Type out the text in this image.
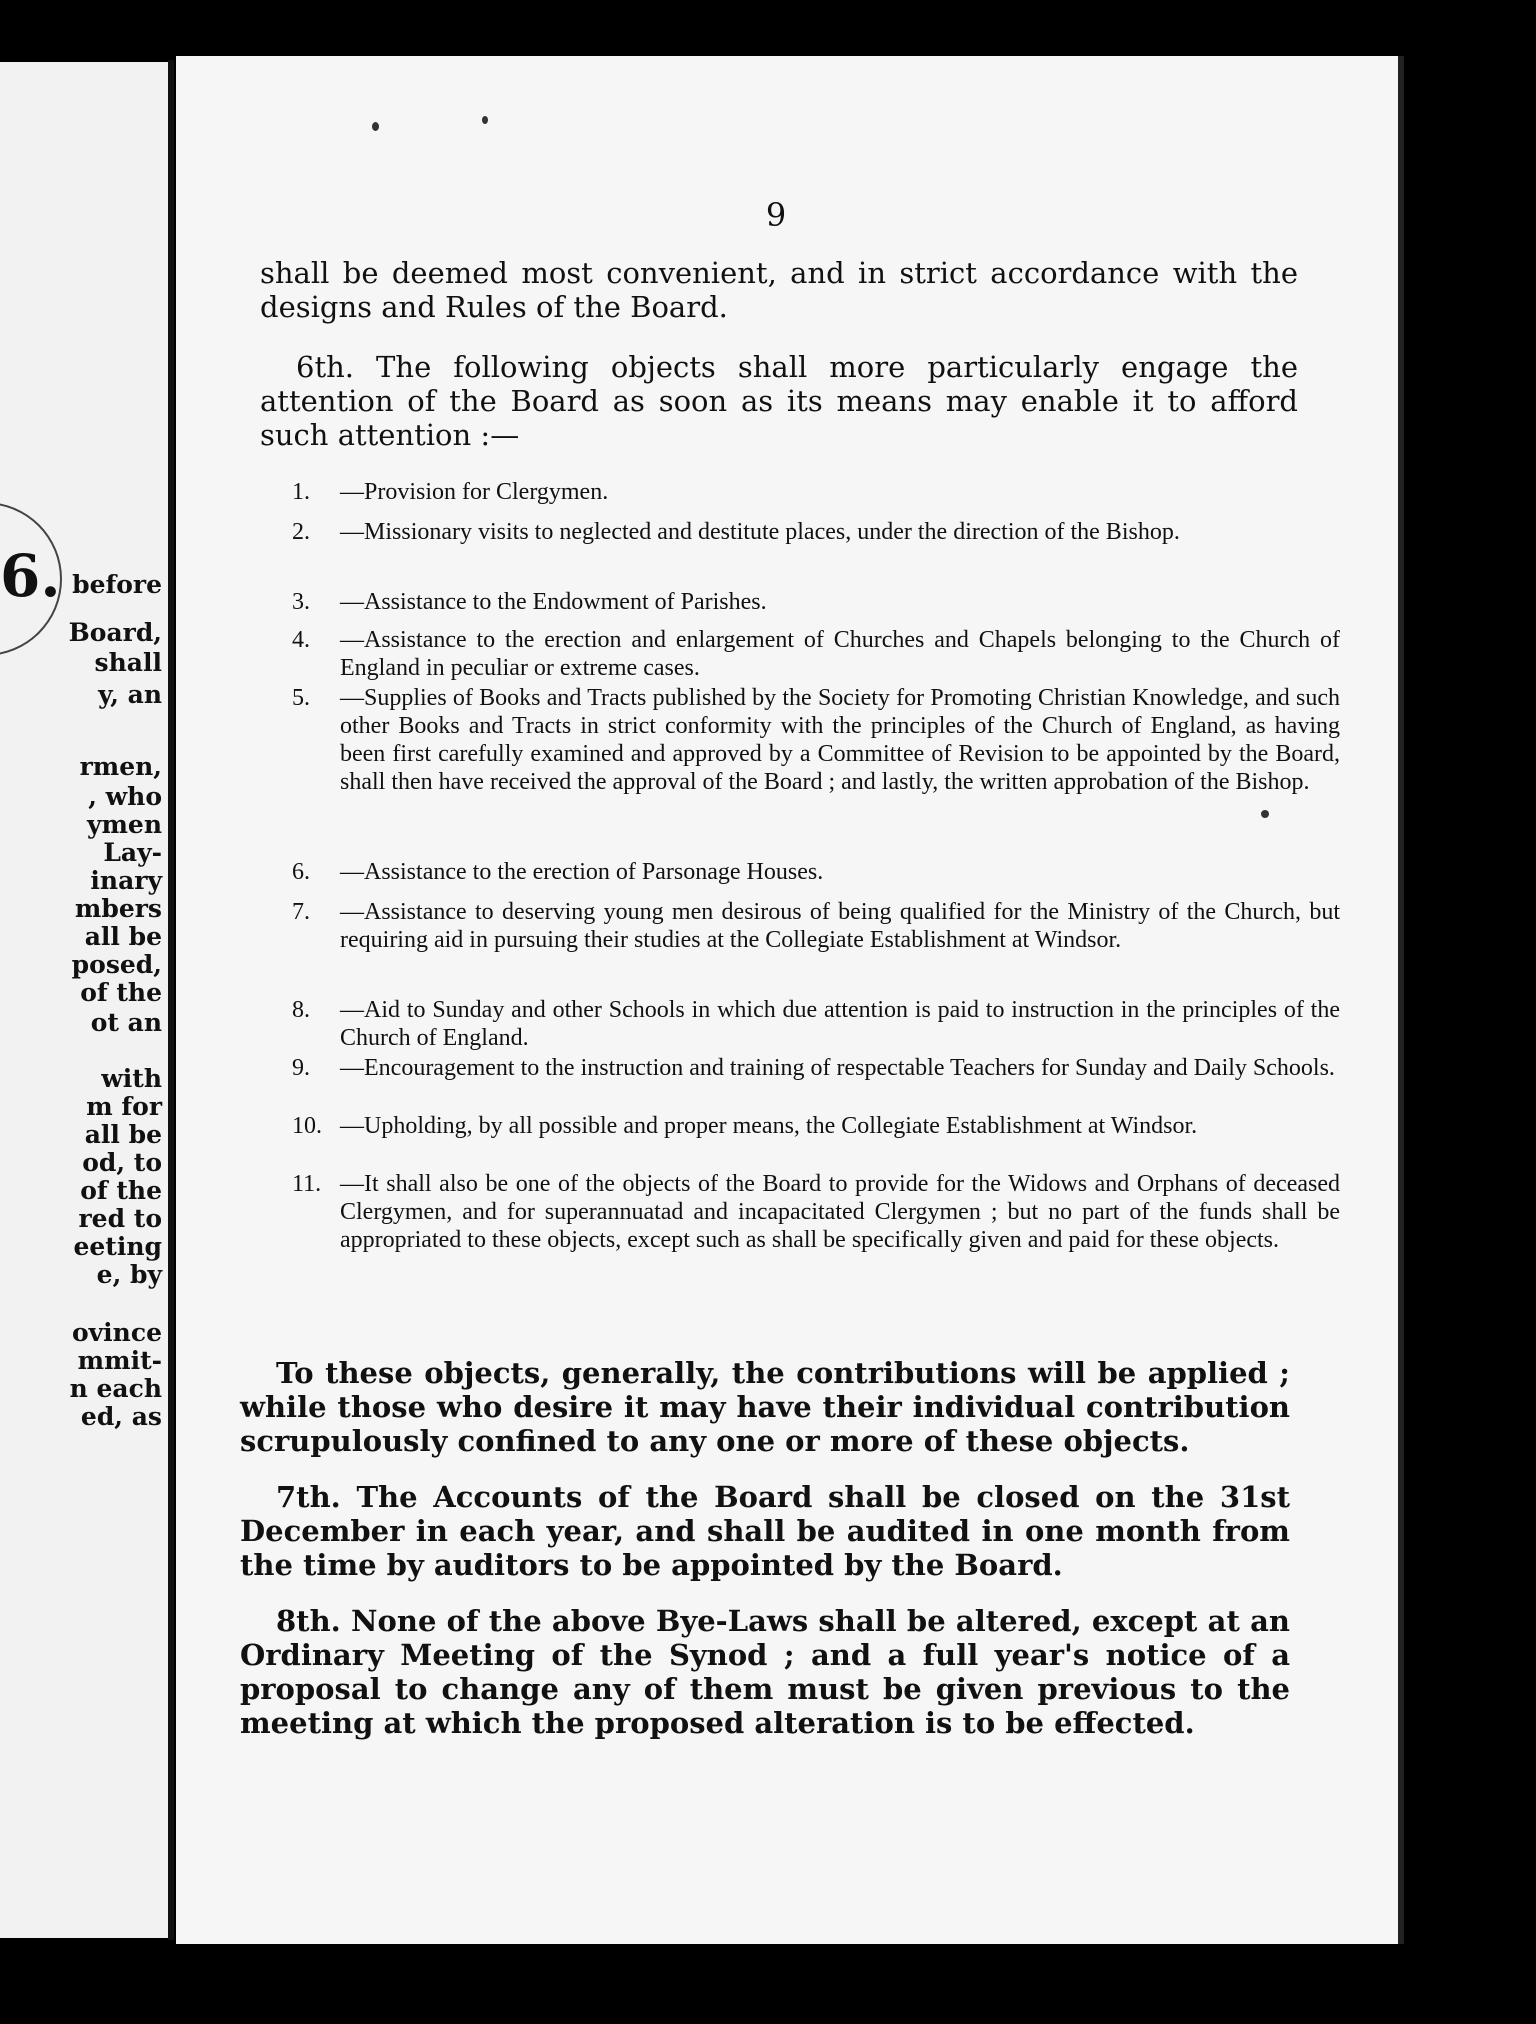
6. before
Board,
shall
y, an
rmen,
, who
ymen
Lay-
inary
mbers
all be
posed,
of the
ot an
with
m for
all be
od, to
of the
red to
eeting
e, by
ovince
mmit-
n each
ed, as
9
shall be deemed most convenient, and in strict accordance with the designs and Rules of the Board.
6th. The following objects shall more particularly engage the attention of the Board as soon as its means may enable it to afford such attention :—
1. —Provision for Clergymen.
2. —Missionary visits to neglected and destitute places, under the direction of the Bishop.
3. —Assistance to the Endowment of Parishes.
4. —Assistance to the erection and enlargement of Churches and Chapels belonging to the Church of England in peculiar or extreme cases.
5. —Supplies of Books and Tracts published by the Society for Promoting Christian Knowledge, and such other Books and Tracts in strict conformity with the principles of the Church of England, as having been first carefully examined and approved by a Committee of Revision to be appointed by the Board, shall then have received the approval of the Board ; and lastly, the written approbation of the Bishop.
6. —Assistance to the erection of Parsonage Houses.
7. —Assistance to deserving young men desirous of being qualified for the Ministry of the Church, but requiring aid in pursuing their studies at the Collegiate Establishment at Windsor.
8. —Aid to Sunday and other Schools in which due attention is paid to instruction in the principles of the Church of England.
9. —Encouragement to the instruction and training of respectable Teachers for Sunday and Daily Schools.
10. —Upholding, by all possible and proper means, the Collegiate Establishment at Windsor.
11. —It shall also be one of the objects of the Board to provide for the Widows and Orphans of deceased Clergymen, and for superannuatad and incapacitated Clergymen ; but no part of the funds shall be appropriated to these objects, except such as shall be specifically given and paid for these objects.
To these objects, generally, the contributions will be applied ; while those who desire it may have their individual contribution scrupulously confined to any one or more of these objects.
7th. The Accounts of the Board shall be closed on the 31st December in each year, and shall be audited in one month from the time by auditors to be appointed by the Board.
8th. None of the above Bye-Laws shall be altered, except at an Ordinary Meeting of the Synod ; and a full year's notice of a proposal to change any of them must be given previous to the meeting at which the proposed alteration is to be effected.
